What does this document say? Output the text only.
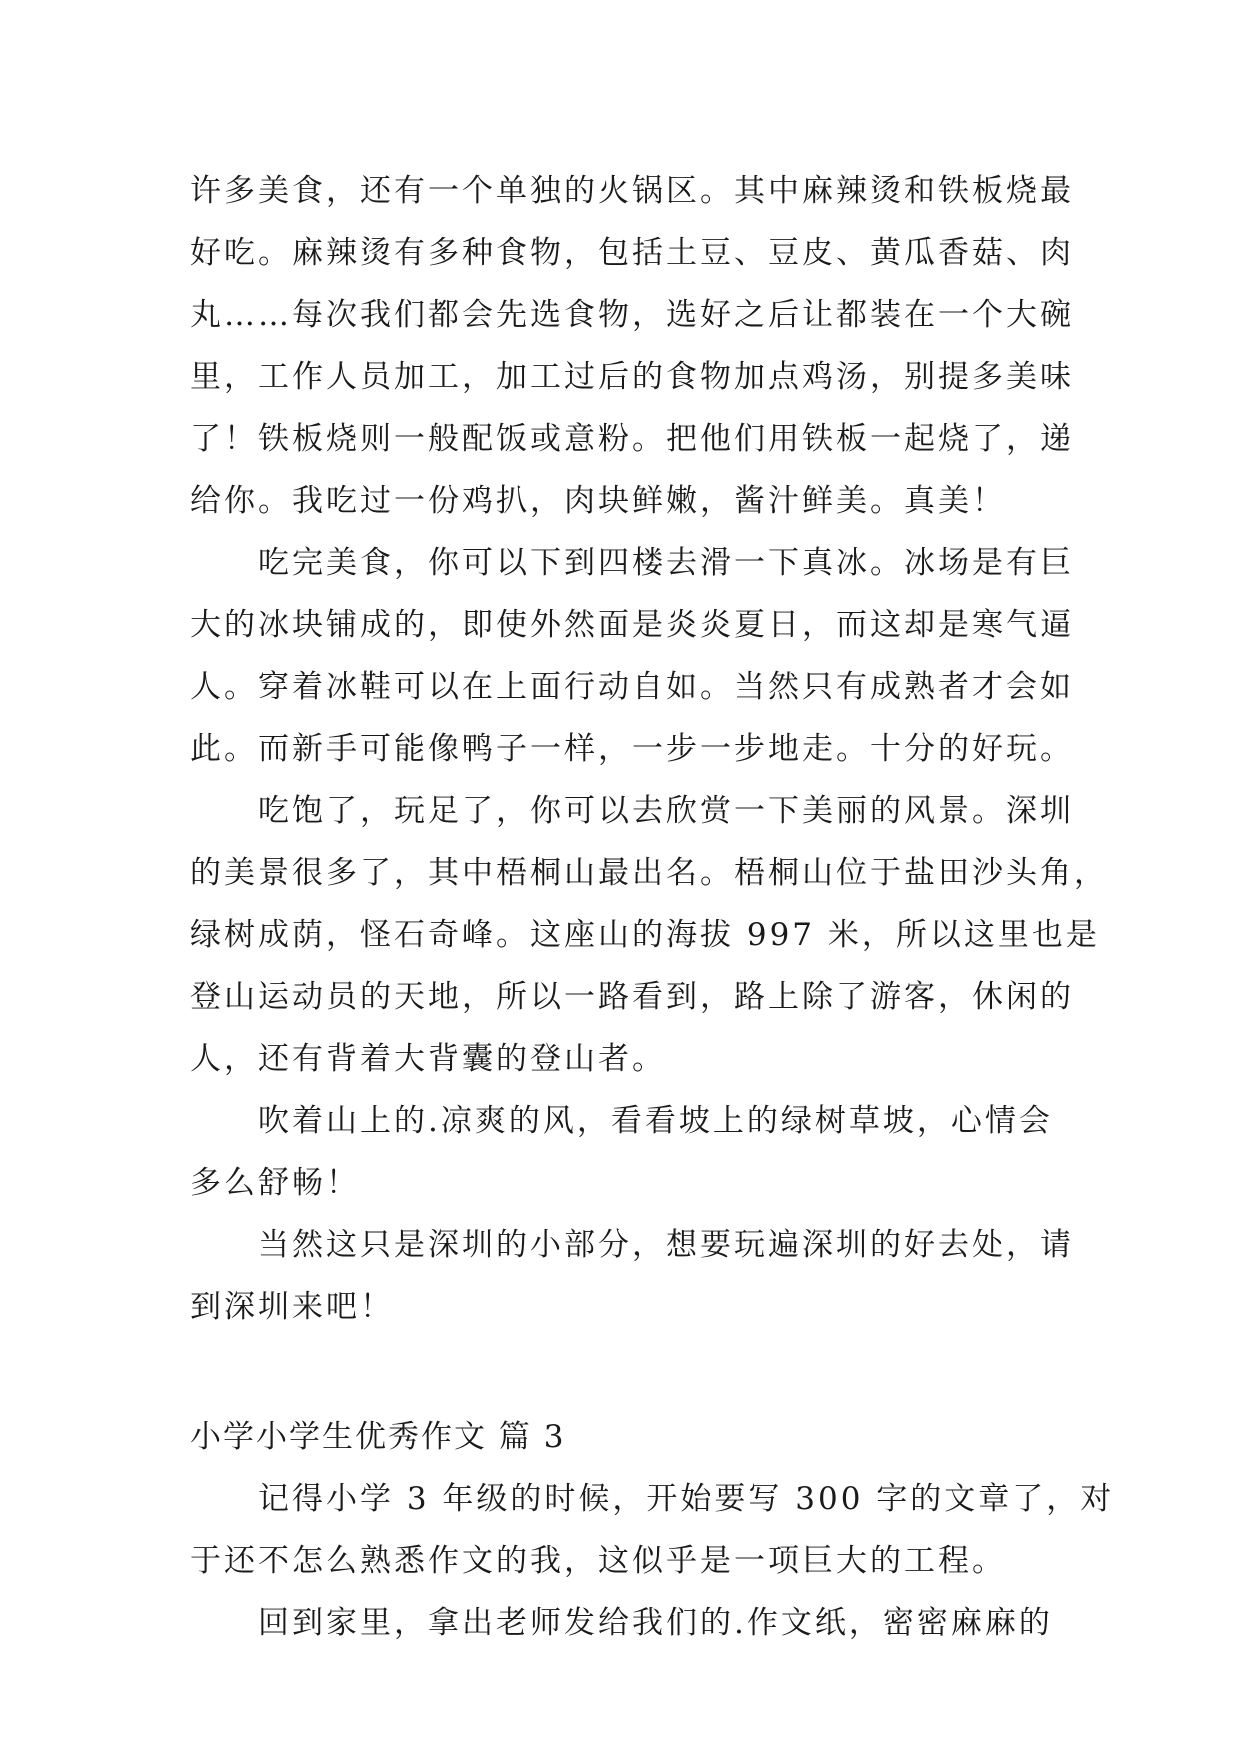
许多美食，还有一个单独的火锅区。其中麻辣烫和铁板烧最
好吃。麻辣烫有多种食物，包括土豆、豆皮、黄瓜香菇、肉
丸……每次我们都会先选食物，选好之后让都装在一个大碗
里，工作人员加工，加工过后的食物加点鸡汤，别提多美味
了！铁板烧则一般配饭或意粉。把他们用铁板一起烧了，递
给你。我吃过一份鸡扒，肉块鲜嫩，酱汁鲜美。真美！
吃完美食，你可以下到四楼去滑一下真冰。冰场是有巨
大的冰块铺成的，即使外然面是炎炎夏日，而这却是寒气逼
人。穿着冰鞋可以在上面行动自如。当然只有成熟者才会如
此。而新手可能像鸭子一样，一步一步地走。十分的好玩。
吃饱了，玩足了，你可以去欣赏一下美丽的风景。深圳
的美景很多了，其中梧桐山最出名。梧桐山位于盐田沙头角，
绿树成荫，怪石奇峰。这座山的海拔 997 米，所以这里也是
登山运动员的天地，所以一路看到，路上除了游客，休闲的
人，还有背着大背囊的登山者。
吹着山上的.凉爽的风，看看坡上的绿树草坡，心情会
多么舒畅！
当然这只是深圳的小部分，想要玩遍深圳的好去处，请
到深圳来吧！
小学小学生优秀作文 篇 3
记得小学 3 年级的时候，开始要写 300 字的文章了，对
于还不怎么熟悉作文的我，这似乎是一项巨大的工程。
回到家里，拿出老师发给我们的.作文纸，密密麻麻的
